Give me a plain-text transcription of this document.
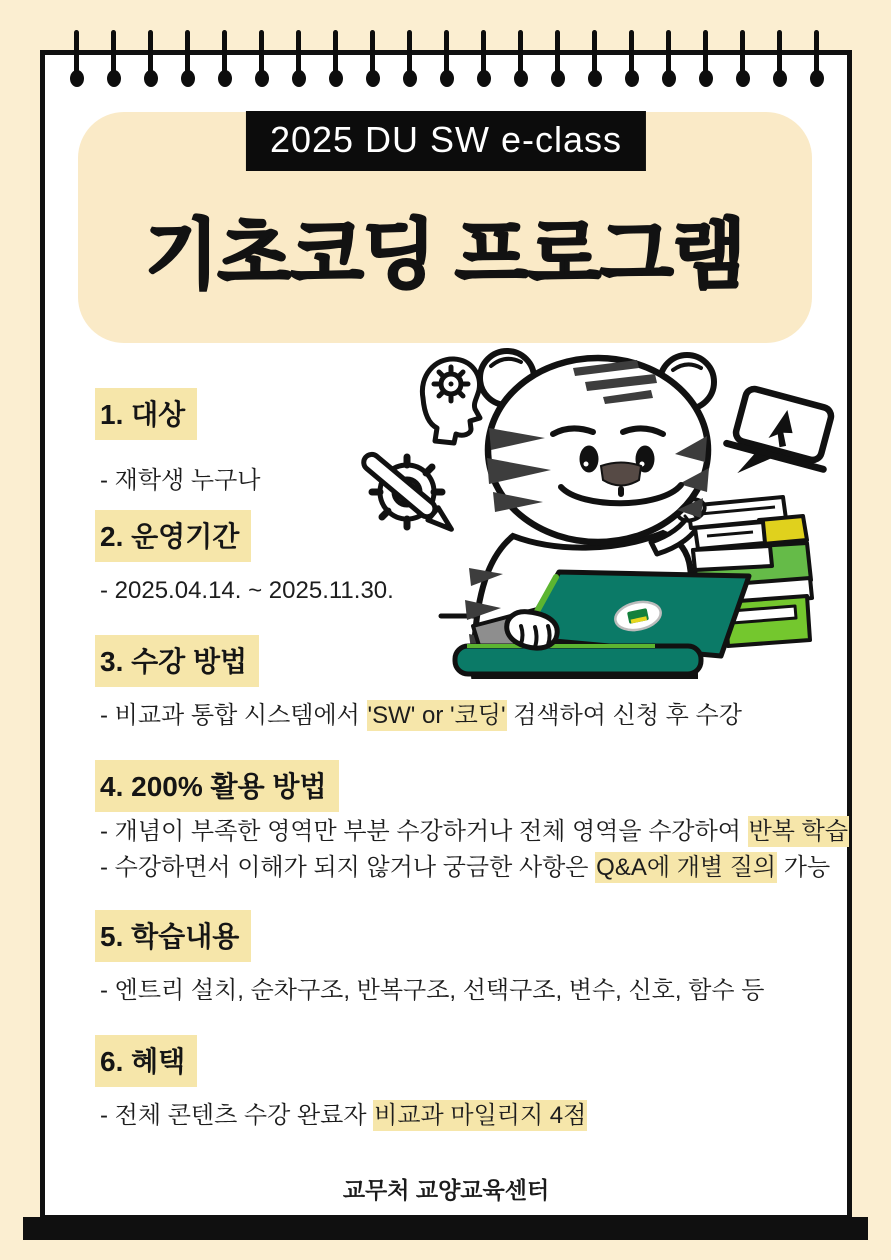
기초코딩 프로그램
2025 DU SW e-class
1. 대상
- 재학생 누구나
2. 운영기간
- 2025.04.14. ~ 2025.11.30.
3. 수강 방법
- 비교과 통합 시스템에서 'SW' or '코딩' 검색하여 신청 후 수강
4. 200% 활용 방법
- 개념이 부족한 영역만 부분 수강하거나 전체 영역을 수강하여 반복 학습
- 수강하면서 이해가 되지 않거나 궁금한 사항은 Q&A에 개별 질의 가능
5. 학습내용
- 엔트리 설치, 순차구조, 반복구조, 선택구조, 변수, 신호, 함수 등
6. 혜택
- 전체 콘텐츠 수강 완료자 비교과 마일리지 4점
교무처 교양교육센터
